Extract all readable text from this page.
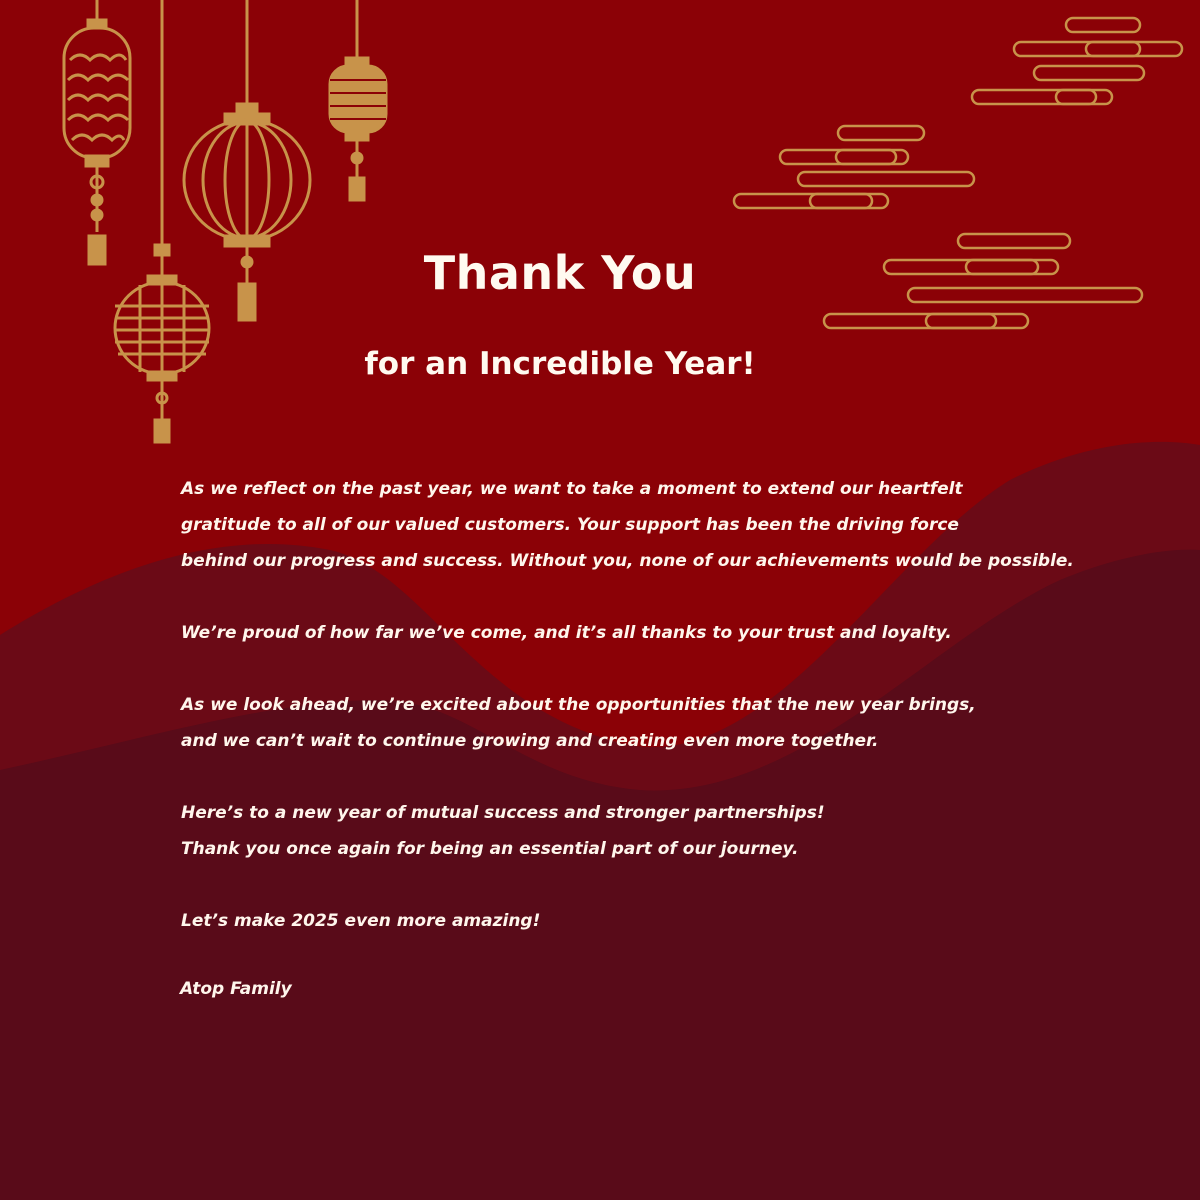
Thank You
for an Incredible Year!

As we reflect on the past year, we want to take a moment to extend our heartfelt
gratitude to all of our valued customers. Your support has been the driving force
behind our progress and success. Without you, none of our achievements would be possible.

We’re proud of how far we’ve come, and it’s all thanks to your trust and loyalty.

As we look ahead, we’re excited about the opportunities that the new year brings,
and we can’t wait to continue growing and creating even more together.

Here’s to a new year of mutual success and stronger partnerships!
Thank you once again for being an essential part of our journey.

Let’s make 2025 even more amazing!

Atop Family
